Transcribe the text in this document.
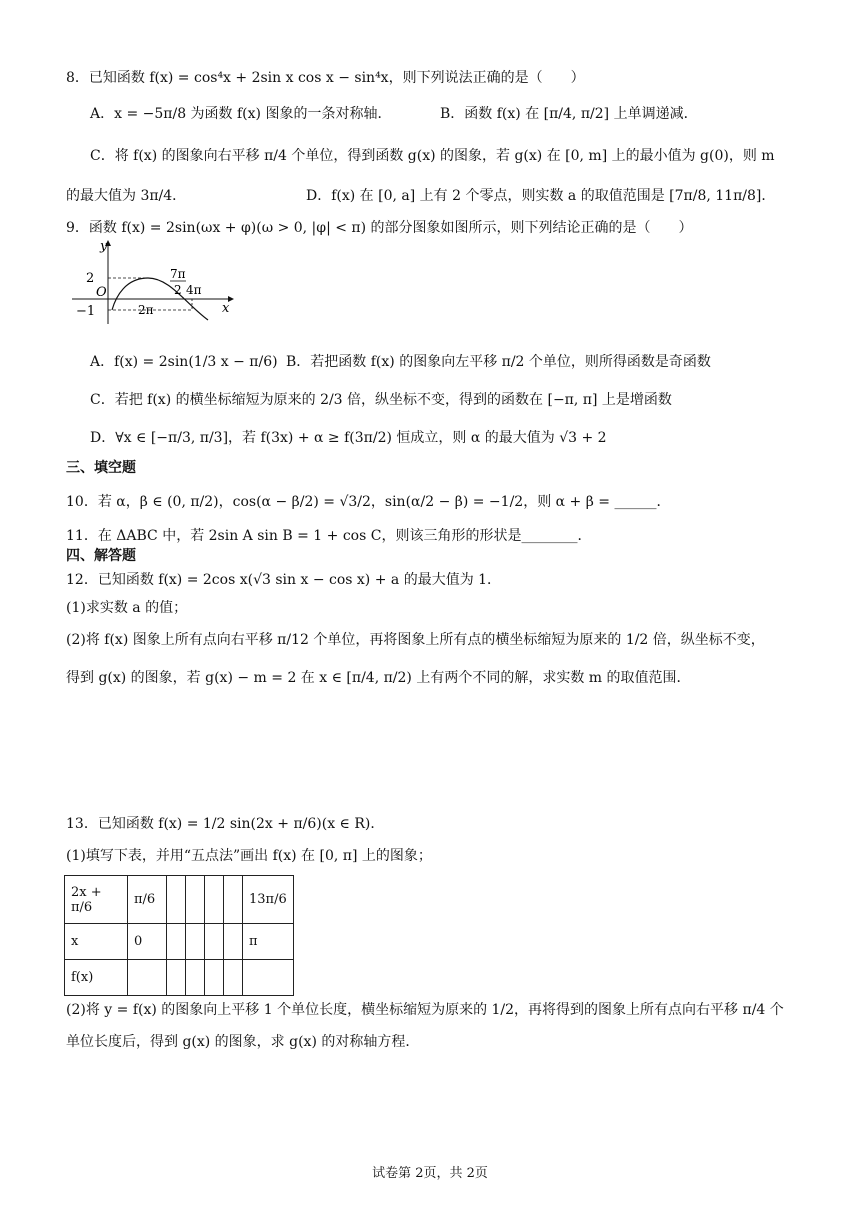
8．已知函数 f(x) = cos⁴x + 2sin x cos x − sin⁴x，则下列说法正确的是（　　）
A．x = −5π/8 为函数 f(x) 图象的一条对称轴．	B．函数 f(x) 在 [π/4, π/2] 上单调递减．
C．将 f(x) 的图象向右平移 π/4 个单位，得到函数 g(x) 的图象，若 g(x) 在 [0, m] 上的最小值为 g(0)，则 m
的最大值为 3π/4．	D．f(x) 在 [0, a] 上有 2 个零点，则实数 a 的取值范围是 [7π/8, 11π/8]．
9．函数 f(x) = 2sin(ωx + φ)(ω > 0, |φ| < π) 的部分图象如图所示，则下列结论正确的是（　　）
y
x
O
2
−1	2π
7π
2 4π
A．f(x) = 2sin(1/3 x − π/6) B．若把函数 f(x) 的图象向左平移 π/2 个单位，则所得函数是奇函数
C．若把 f(x) 的横坐标缩短为原来的 2/3 倍，纵坐标不变，得到的函数在 [−π, π] 上是增函数
D．∀x ∈ [−π/3, π/3]，若 f(3x) + α ≥ f(3π/2) 恒成立，则 α 的最大值为 √3 + 2
三、填空题
10．若 α，β ∈ (0, π/2)，cos(α − β/2) = √3/2，sin(α/2 − β) = −1/2，则 α + β = ______．
11．在 ΔABC 中，若 2sin A sin B = 1 + cos C，则该三角形的形状是________．
四、解答题
12．已知函数 f(x) = 2cos x(√3 sin x − cos x) + a 的最大值为 1．
(1)求实数 a 的值；
(2)将 f(x) 图象上所有点向右平移 π/12 个单位，再将图象上所有点的横坐标缩短为原来的 1/2 倍，纵坐标不变，
得到 g(x) 的图象，若 g(x) − m = 2 在 x ∈ [π/4, π/2) 上有两个不同的解，求实数 m 的取值范围．
13．已知函数 f(x) = 1/2 sin(2x + π/6)(x ∈ R)．
(1)填写下表，并用“五点法”画出 f(x) 在 [0, π] 上的图象；
2x + π/6	π/6					13π/6
x	0					π
f(x)						
(2)将 y = f(x) 的图象向上平移 1 个单位长度，横坐标缩短为原来的 1/2，再将得到的图象上所有点向右平移 π/4 个
单位长度后，得到 g(x) 的图象，求 g(x) 的对称轴方程．
试卷第 2页，共 2页
